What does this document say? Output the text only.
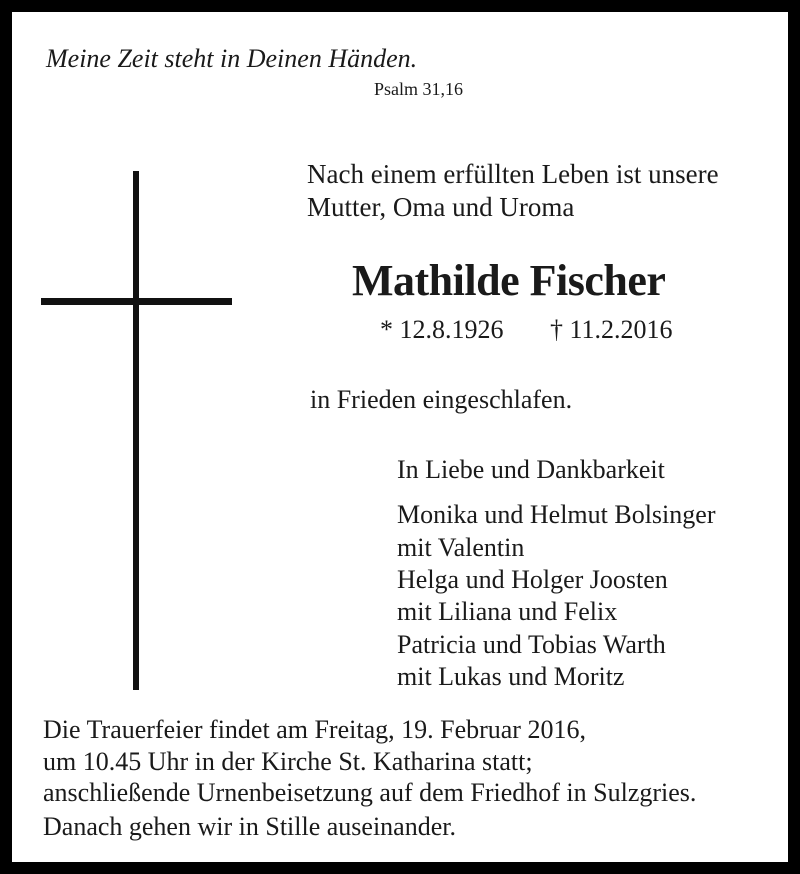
Meine Zeit steht in Deinen Händen.
Psalm 31,16
Nach einem erfüllten Leben ist unsere
Mutter, Oma und Uroma
Mathilde Fischer
* 12.8.1926 † 11.2.2016
in Frieden eingeschlafen.
In Liebe und Dankbarkeit
Monika und Helmut Bolsinger
mit Valentin
Helga und Holger Joosten
mit Liliana und Felix
Patricia und Tobias Warth
mit Lukas und Moritz
Die Trauerfeier findet am Freitag, 19. Februar 2016,
um 10.45 Uhr in der Kirche St. Katharina statt;
anschließende Urnenbeisetzung auf dem Friedhof in Sulzgries.
Danach gehen wir in Stille auseinander.
